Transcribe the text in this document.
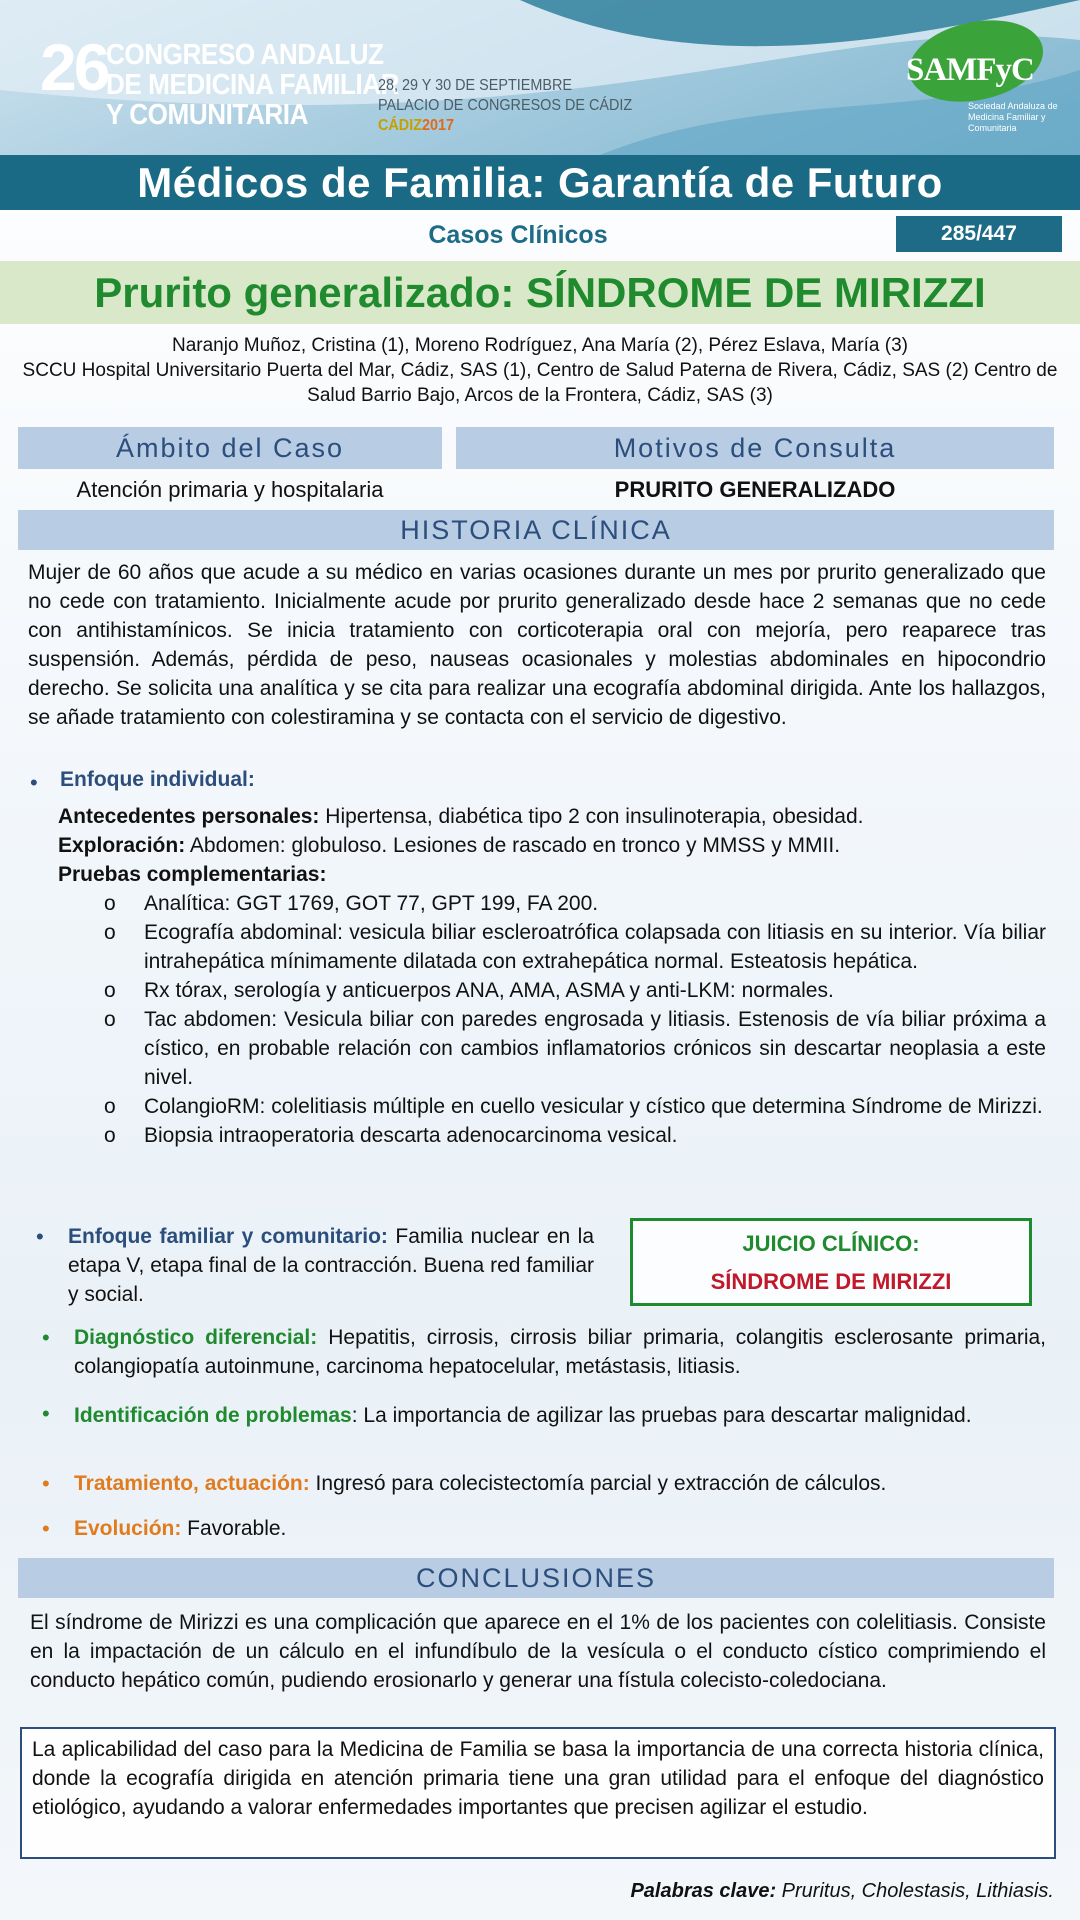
26
CONGRESO ANDALUZ
DE MEDICINA FAMILIAR
Y COMUNITARIA
28, 29 Y 30 DE SEPTIEMBRE
PALACIO DE CONGRESOS DE CÁDIZ
CÁDIZ2017
SAMFyC
Sociedad Andaluza de Medicina Familiar y Comunitaria
Médicos de Familia: Garantía de Futuro
Casos Clínicos	285/447
Prurito generalizado: SÍNDROME DE MIRIZZI
Naranjo Muñoz, Cristina (1), Moreno Rodríguez, Ana María (2), Pérez Eslava, María (3)
SCCU Hospital Universitario Puerta del Mar, Cádiz, SAS (1), Centro de Salud Paterna de Rivera, Cádiz, SAS (2) Centro de Salud Barrio Bajo, Arcos de la Frontera, Cádiz, SAS (3)
Ámbito del Caso	Motivos de Consulta
Atención primaria y hospitalaria	PRURITO GENERALIZADO
HISTORIA CLÍNICA
Mujer de 60 años que acude a su médico en varias ocasiones durante un mes por prurito generalizado que no cede con tratamiento. Inicialmente acude por prurito generalizado desde hace 2 semanas que no cede con antihistamínicos. Se inicia tratamiento con corticoterapia oral con mejoría, pero reaparece tras suspensión. Además, pérdida de peso, nauseas ocasionales y molestias abdominales en hipocondrio derecho. Se solicita una analítica y se cita para realizar una ecografía abdominal dirigida. Ante los hallazgos, se añade tratamiento con colestiramina y se contacta con el servicio de digestivo.
• Enfoque individual:
Antecedentes personales: Hipertensa, diabética tipo 2 con insulinoterapia, obesidad.
Exploración: Abdomen: globuloso. Lesiones de rascado en tronco y MMSS y MMII.
Pruebas complementarias:
o Analítica: GGT 1769, GOT 77, GPT 199, FA 200.
o Ecografía abdominal: vesicula biliar escleroatrófica colapsada con litiasis en su interior. Vía biliar intrahepática mínimamente dilatada con extrahepática normal. Esteatosis hepática.
o Rx tórax, serología y anticuerpos ANA, AMA, ASMA y anti-LKM: normales.
o Tac abdomen: Vesicula biliar con paredes engrosada y litiasis. Estenosis de vía biliar próxima a cístico, en probable relación con cambios inflamatorios crónicos sin descartar neoplasia a este nivel.
o ColangioRM: colelitiasis múltiple en cuello vesicular y cístico que determina Síndrome de Mirizzi.
o Biopsia intraoperatoria descarta adenocarcinoma vesical.
• Enfoque familiar y comunitario: Familia nuclear en la etapa V, etapa final de la contracción. Buena red familiar y social.
JUICIO CLÍNICO:
SÍNDROME DE MIRIZZI
• Diagnóstico diferencial: Hepatitis, cirrosis, cirrosis biliar primaria, colangitis esclerosante primaria, colangiopatía autoinmune, carcinoma hepatocelular, metástasis, litiasis.
• Identificación de problemas: La importancia de agilizar las pruebas para descartar malignidad.
• Tratamiento, actuación: Ingresó para colecistectomía parcial y extracción de cálculos.
• Evolución: Favorable.
CONCLUSIONES
El síndrome de Mirizzi es una complicación que aparece en el 1% de los pacientes con colelitiasis. Consiste en la impactación de un cálculo en el infundíbulo de la vesícula o el conducto cístico comprimiendo el conducto hepático común, pudiendo erosionarlo y generar una fístula colecisto-coledociana.
La aplicabilidad del caso para la Medicina de Familia se basa la importancia de una correcta historia clínica, donde la ecografía dirigida en atención primaria tiene una gran utilidad para el enfoque del diagnóstico etiológico, ayudando a valorar enfermedades importantes que precisen agilizar el estudio.
Palabras clave: Pruritus, Cholestasis, Lithiasis.
